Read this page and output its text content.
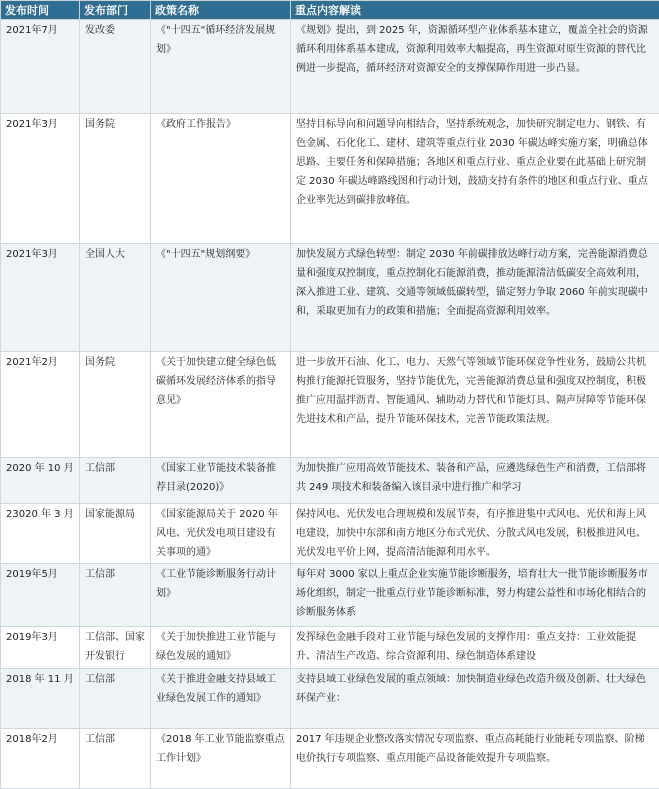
发布时间	发布部门	政策名称	重点内容解读
2021年7月	发改委	《"十四五"循环经济发展规划》	《规划》提出，到 2025 年，资源循环型产业体系基本建立，覆盖全社会的资源循环利用体系基本建成，资源利用效率大幅提高，再生资源对原生资源的替代比例进一步提高，循环经济对资源安全的支撑保障作用进一步凸显。
2021年3月	国务院	《政府工作报告》	坚持目标导向和问题导向相结合，坚持系统观念，加快研究制定电力、钢铁、有色金属、石化化工、建材、建筑等重点行业 2030 年碳达峰实施方案，明确总体思路、主要任务和保障措施；各地区和重点行业、重点企业要在此基础上研究制定 2030 年碳达峰路线图和行动计划，鼓励支持有条件的地区和重点行业、重点企业率先达到碳排放峰值。
2021年3月	全国人大	《"十四五"规划纲要》	加快发展方式绿色转型：制定 2030 年前碳排放达峰行动方案，完善能源消费总量和强度双控制度，重点控制化石能源消费，推动能源清洁低碳安全高效利用，深入推进工业、建筑、交通等领域低碳转型，锚定努力争取 2060 年前实现碳中和，采取更加有力的政策和措施；全面提高资源利用效率。
2021年2月	国务院	《关于加快建立健全绿色低碳循环发展经济体系的指导意见》	进一步放开石油、化工、电力、天然气等领域节能环保竞争性业务，鼓励公共机构推行能源托管服务，坚持节能优先，完善能源消费总量和强度双控制度，积极推广应用温拌沥青、智能通风、辅助动力替代和节能灯具、隔声屏障等节能环保先进技术和产品，提升节能环保技术，完善节能政策法规。
2020 年 10 月	工信部	《国家工业节能技术装备推荐目录(2020)》	为加快推广应用高效节能技术、装备和产品，应遴选绿色生产和消费，工信部将共 249 项技术和装备编入该目录中进行推广和学习
23020 年 3 月	国家能源局	《国家能源局关于 2020 年风电、光伏发电项目建设有关事项的通》	保持风电、光伏发电合理规模和发展节奏，有序推进集中式风电、光伏和海上风电建设，加快中东部和南方地区分布式光伏、分散式风电发展，积极推进风电、光伏发电平价上网，提高清洁能源利用水平。
2019年5月	工信部	《工业节能诊断服务行动计划》	每年对 3000 家以上重点企业实施节能诊断服务，培育壮大一批节能诊断服务市场化组织，制定一批重点行业节能诊断标准，努力构建公益性和市场化相结合的诊断服务体系
2019年3月	工信部、国家开发银行	《关于加快推进工业节能与绿色发展的通知》	发挥绿色金融手段对工业节能与绿色发展的支撑作用：重点支持：工业效能提升、清洁生产改造、综合资源利用、绿色制造体系建设
2018 年 11 月	工信部	《关于推进金融支持县域工业绿色发展工作的通知》	支持县域工业绿色发展的重点领域：加快制造业绿色改造升级及创新、壮大绿色环保产业：
2018年2月	工信部	《2018 年工业节能监察重点工作计划》	2017 年违规企业整改落实情况专项监察、重点高耗能行业能耗专项监察、阶梯电价执行专项监察、重点用能产品设备能效提升专项监察。
